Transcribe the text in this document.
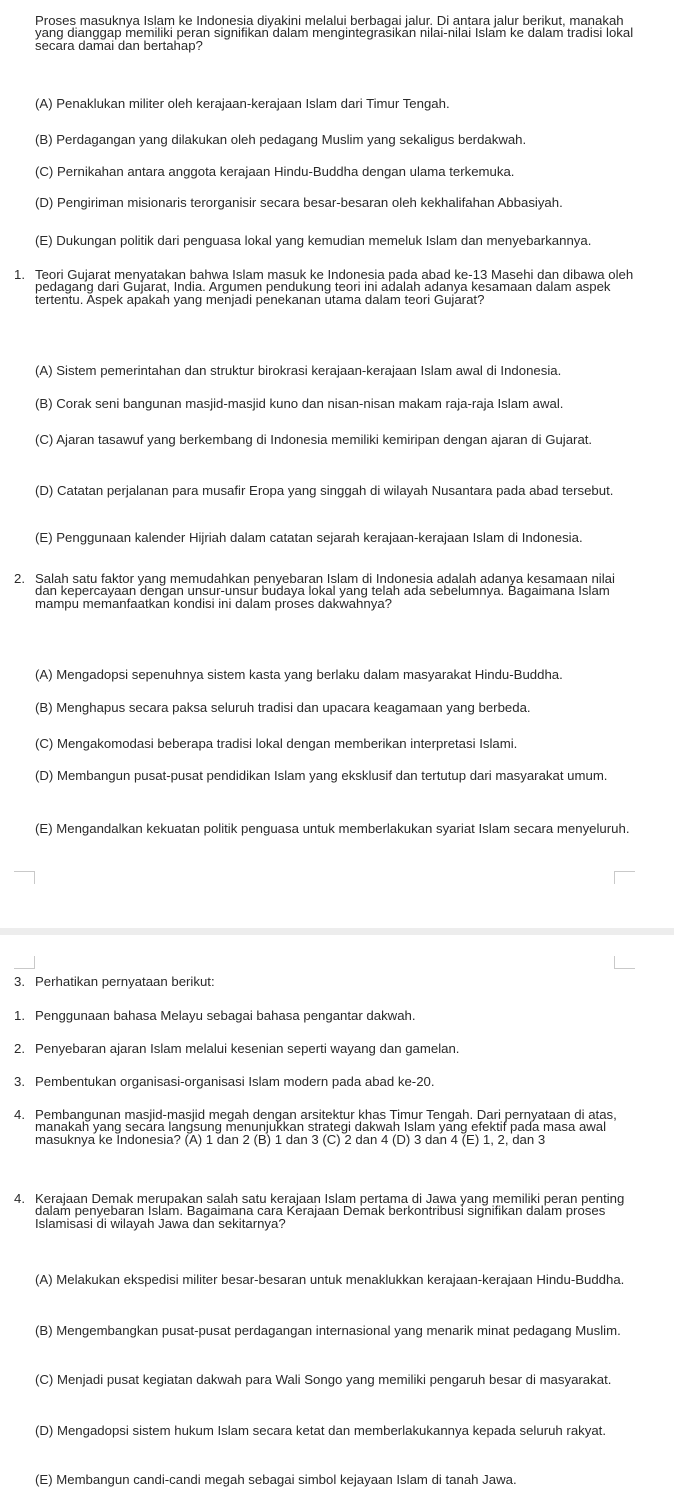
Proses masuknya Islam ke Indonesia diyakini melalui berbagai jalur. Di antara jalur berikut, manakah yang dianggap memiliki peran signifikan dalam mengintegrasikan nilai-nilai Islam ke dalam tradisi lokal secara damai dan bertahap?

(A) Penaklukan militer oleh kerajaan-kerajaan Islam dari Timur Tengah.

(B) Perdagangan yang dilakukan oleh pedagang Muslim yang sekaligus berdakwah.

(C) Pernikahan antara anggota kerajaan Hindu-Buddha dengan ulama terkemuka.

(D) Pengiriman misionaris terorganisir secara besar-besaran oleh kekhalifahan Abbasiyah.

(E) Dukungan politik dari penguasa lokal yang kemudian memeluk Islam dan menyebarkannya.

1. Teori Gujarat menyatakan bahwa Islam masuk ke Indonesia pada abad ke-13 Masehi dan dibawa oleh pedagang dari Gujarat, India. Argumen pendukung teori ini adalah adanya kesamaan dalam aspek tertentu. Aspek apakah yang menjadi penekanan utama dalam teori Gujarat?

(A) Sistem pemerintahan dan struktur birokrasi kerajaan-kerajaan Islam awal di Indonesia.

(B) Corak seni bangunan masjid-masjid kuno dan nisan-nisan makam raja-raja Islam awal.

(C) Ajaran tasawuf yang berkembang di Indonesia memiliki kemiripan dengan ajaran di Gujarat.

(D) Catatan perjalanan para musafir Eropa yang singgah di wilayah Nusantara pada abad tersebut.

(E) Penggunaan kalender Hijriah dalam catatan sejarah kerajaan-kerajaan Islam di Indonesia.

2. Salah satu faktor yang memudahkan penyebaran Islam di Indonesia adalah adanya kesamaan nilai dan kepercayaan dengan unsur-unsur budaya lokal yang telah ada sebelumnya. Bagaimana Islam mampu memanfaatkan kondisi ini dalam proses dakwahnya?

(A) Mengadopsi sepenuhnya sistem kasta yang berlaku dalam masyarakat Hindu-Buddha.

(B) Menghapus secara paksa seluruh tradisi dan upacara keagamaan yang berbeda.

(C) Mengakomodasi beberapa tradisi lokal dengan memberikan interpretasi Islami.

(D) Membangun pusat-pusat pendidikan Islam yang eksklusif dan tertutup dari masyarakat umum.

(E) Mengandalkan kekuatan politik penguasa untuk memberlakukan syariat Islam secara menyeluruh.

3. Perhatikan pernyataan berikut:
1. Penggunaan bahasa Melayu sebagai bahasa pengantar dakwah.
2. Penyebaran ajaran Islam melalui kesenian seperti wayang dan gamelan.
3. Pembentukan organisasi-organisasi Islam modern pada abad ke-20.
4. Pembangunan masjid-masjid megah dengan arsitektur khas Timur Tengah. Dari pernyataan di atas, manakah yang secara langsung menunjukkan strategi dakwah Islam yang efektif pada masa awal masuknya ke Indonesia? (A) 1 dan 2 (B) 1 dan 3 (C) 2 dan 4 (D) 3 dan 4 (E) 1, 2, dan 3
4. Kerajaan Demak merupakan salah satu kerajaan Islam pertama di Jawa yang memiliki peran penting dalam penyebaran Islam. Bagaimana cara Kerajaan Demak berkontribusi signifikan dalam proses Islamisasi di wilayah Jawa dan sekitarnya?

(A) Melakukan ekspedisi militer besar-besaran untuk menaklukkan kerajaan-kerajaan Hindu-Buddha.

(B) Mengembangkan pusat-pusat perdagangan internasional yang menarik minat pedagang Muslim.

(C) Menjadi pusat kegiatan dakwah para Wali Songo yang memiliki pengaruh besar di masyarakat.

(D) Mengadopsi sistem hukum Islam secara ketat dan memberlakukannya kepada seluruh rakyat.

(E) Membangun candi-candi megah sebagai simbol kejayaan Islam di tanah Jawa.
